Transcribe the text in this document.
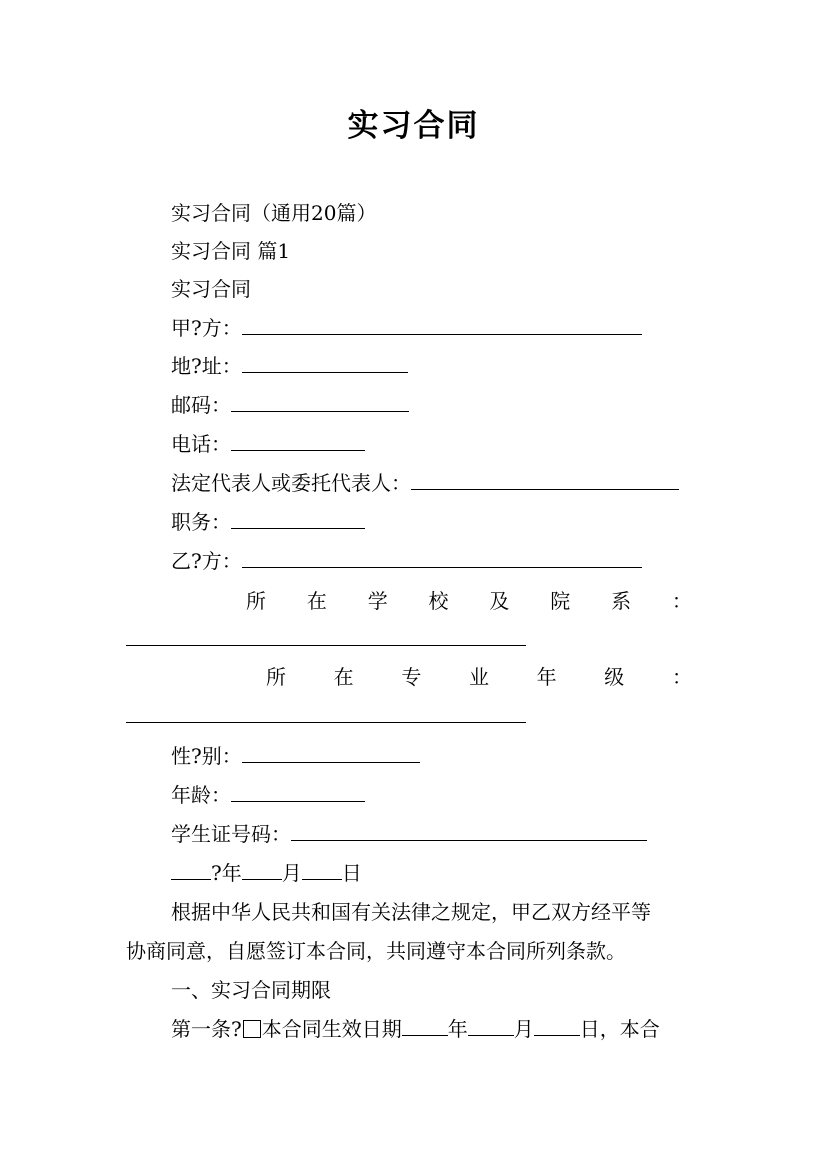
实习合同
实习合同（通用20篇）
实习合同 篇1
实习合同
甲?方：
地?址：
邮码：
电话：
法定代表人或委托代表人：
职务：
乙?方：
所 在 学 校 及 院 系 ：
所 在 专 业 年 级 ：
性?别：
年龄：
学生证号码：
?年 月 日
根据中华人民共和国有关法律之规定，甲乙双方经平等
协商同意，自愿签订本合同，共同遵守本合同所列条款。
一、实习合同期限
第一条? 本合同生效日期 年 月 日，本合
